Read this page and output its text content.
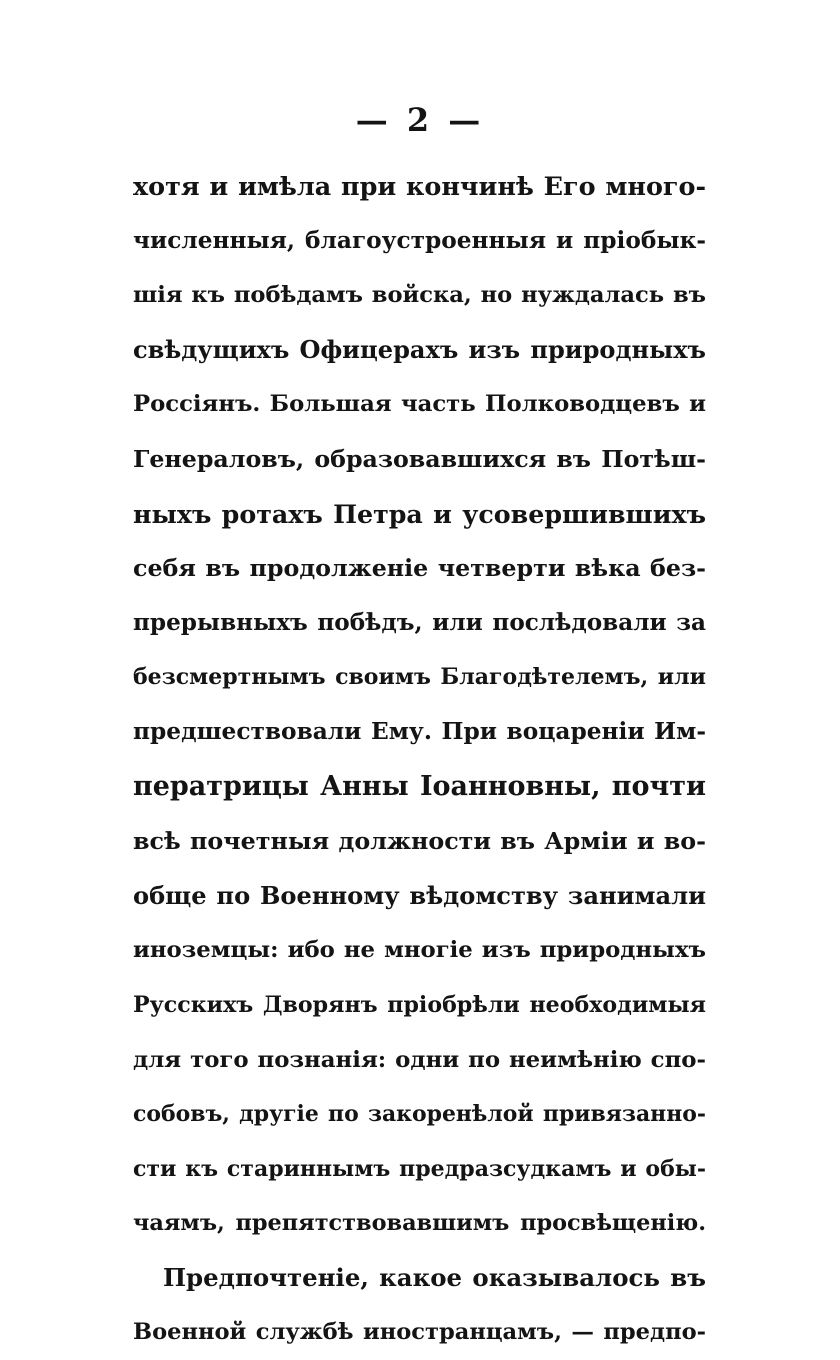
— 2 —
хотя и имѣла при кончинѣ Его много-
численныя, благоустроенныя и пріобык-
шія къ побѣдамъ войска, но нуждалась въ
свѣдущихъ Офицерахъ изъ природныхъ
Россіянъ. Большая часть Полководцевъ и
Генераловъ, образовавшихся въ Потѣш-
ныхъ ротахъ Петра и усовершившихъ
себя въ продолженіе четверти вѣка без-
прерывныхъ побѣдъ, или послѣдовали за
безсмертнымъ своимъ Благодѣтелемъ, или
предшествовали Ему. При воцареніи Им-
ператрицы Анны Іоанновны, почти
всѣ почетныя должности въ Арміи и во-
обще по Военному вѣдомству занимали
иноземцы: ибо не многіе изъ природныхъ
Русскихъ Дворянъ пріобрѣли необходимыя
для того познанія: одни по неимѣнію спо-
собовъ, другіе по закоренѣлой привязанно-
сти къ стариннымъ предразсудкамъ и обы-
чаямъ, препятствовавшимъ просвѣщенію.
Предпочтеніе, какое оказывалось въ
Военной службѣ иностранцамъ, — предпо-
